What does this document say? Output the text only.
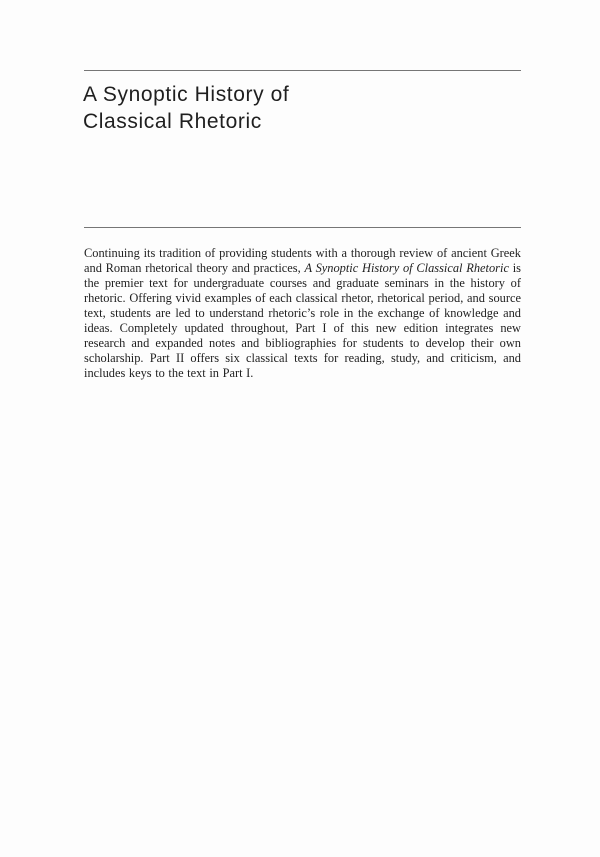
A Synoptic History of
Classical Rhetoric

Continuing its tradition of providing students with a thorough review of ancient Greek and Roman rhetorical theory and practices, A Synoptic History of Classical Rhetoric is the premier text for undergraduate courses and graduate seminars in the history of rhetoric. Offering vivid examples of each classical rhetor, rhetorical period, and source text, students are led to understand rhetoric’s role in the exchange of knowledge and ideas. Completely updated throughout, Part I of this new edition integrates new research and expanded notes and bibliographies for students to develop their own scholarship. Part II offers six classical texts for reading, study, and criticism, and includes keys to the text in Part I.
